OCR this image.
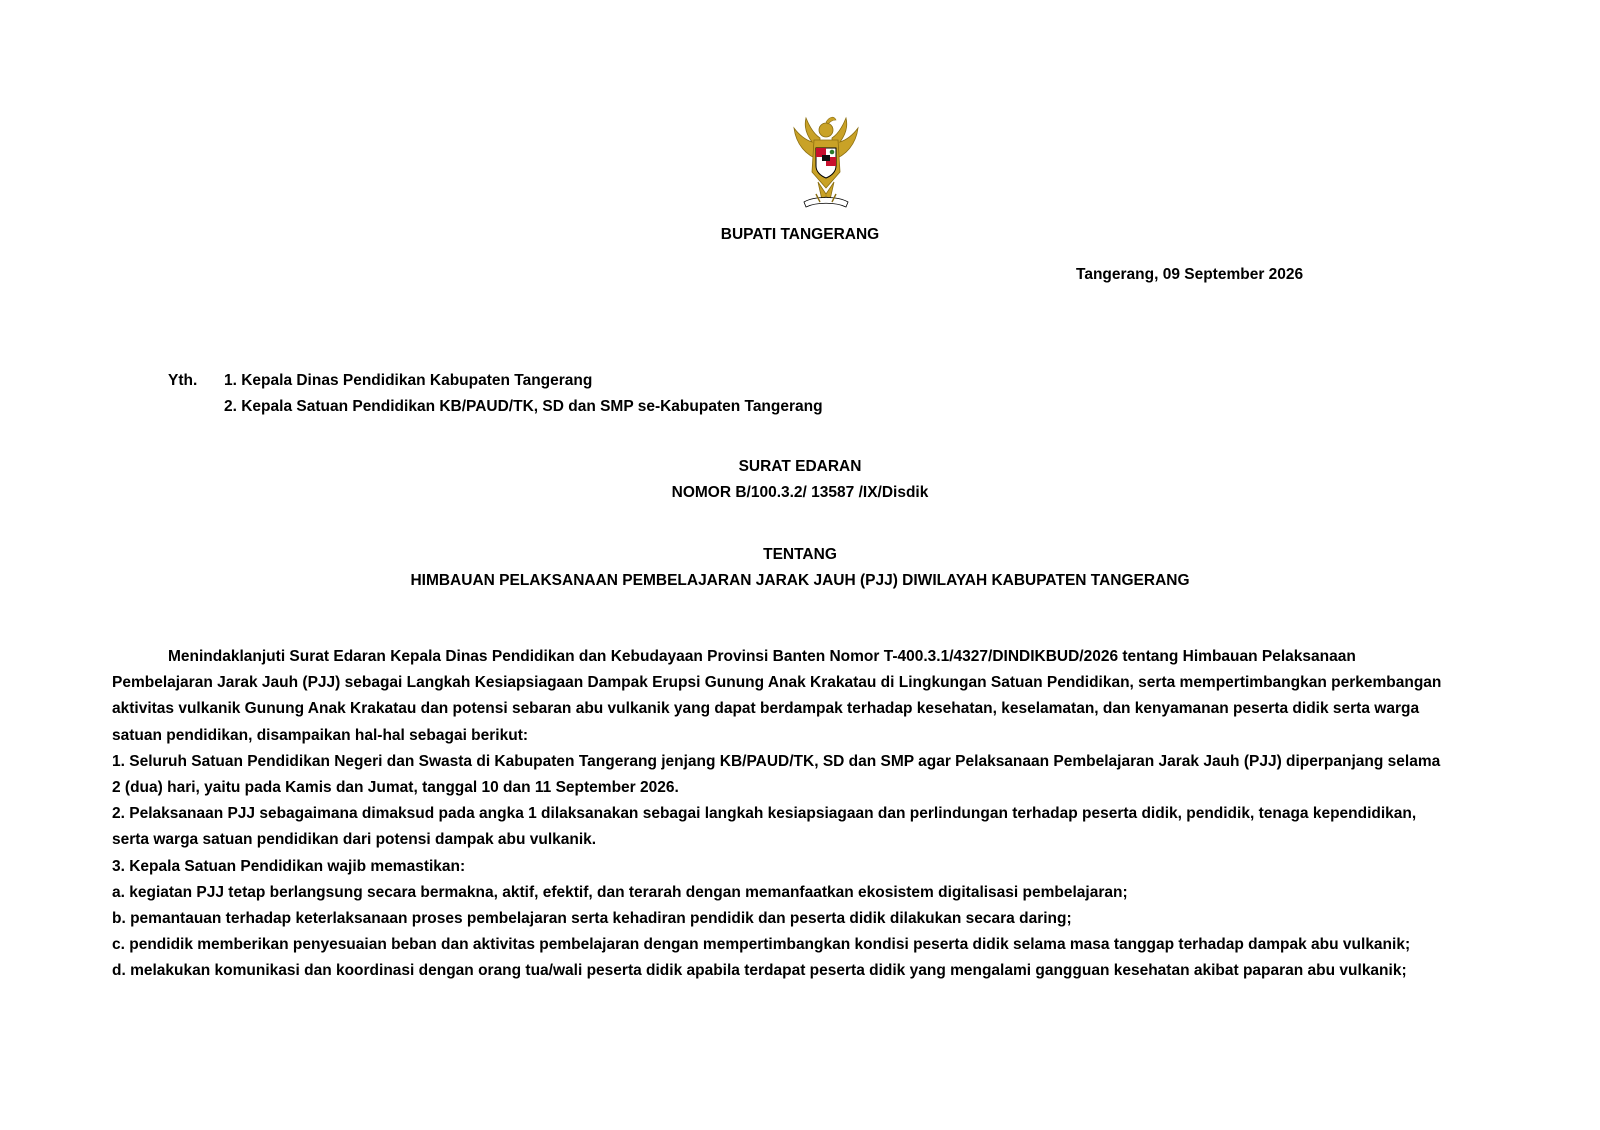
BUPATI TANGERANG
Tangerang, 09 September 2026
Yth. 1. Kepala Dinas Pendidikan Kabupaten Tangerang
2. Kepala Satuan Pendidikan KB/PAUD/TK, SD dan SMP se-Kabupaten Tangerang
SURAT EDARAN
NOMOR B/100.3.2/ 13587 /IX/Disdik
TENTANG
HIMBAUAN PELAKSANAAN PEMBELAJARAN JARAK JAUH (PJJ) DIWILAYAH KABUPATEN TANGERANG

Menindaklanjuti Surat Edaran Kepala Dinas Pendidikan dan Kebudayaan Provinsi Banten Nomor T-400.3.1/4327/DINDIKBUD/2026 tentang Himbauan Pelaksanaan

Pembelajaran Jarak Jauh (PJJ) sebagai Langkah Kesiapsiagaan Dampak Erupsi Gunung Anak Krakatau di Lingkungan Satuan Pendidikan, serta mempertimbangkan perkembangan

aktivitas vulkanik Gunung Anak Krakatau dan potensi sebaran abu vulkanik yang dapat berdampak terhadap kesehatan, keselamatan, dan kenyamanan peserta didik serta warga

satuan pendidikan, disampaikan hal-hal sebagai berikut:

1. Seluruh Satuan Pendidikan Negeri dan Swasta di Kabupaten Tangerang jenjang KB/PAUD/TK, SD dan SMP agar Pelaksanaan Pembelajaran Jarak Jauh (PJJ) diperpanjang selama

2 (dua) hari, yaitu pada Kamis dan Jumat, tanggal 10 dan 11 September 2026.

2. Pelaksanaan PJJ sebagaimana dimaksud pada angka 1 dilaksanakan sebagai langkah kesiapsiagaan dan perlindungan terhadap peserta didik, pendidik, tenaga kependidikan,

serta warga satuan pendidikan dari potensi dampak abu vulkanik.

3. Kepala Satuan Pendidikan wajib memastikan:

a. kegiatan PJJ tetap berlangsung secara bermakna, aktif, efektif, dan terarah dengan memanfaatkan ekosistem digitalisasi pembelajaran;

b. pemantauan terhadap keterlaksanaan proses pembelajaran serta kehadiran pendidik dan peserta didik dilakukan secara daring;

c. pendidik memberikan penyesuaian beban dan aktivitas pembelajaran dengan mempertimbangkan kondisi peserta didik selama masa tanggap terhadap dampak abu vulkanik;

d. melakukan komunikasi dan koordinasi dengan orang tua/wali peserta didik apabila terdapat peserta didik yang mengalami gangguan kesehatan akibat paparan abu vulkanik;
